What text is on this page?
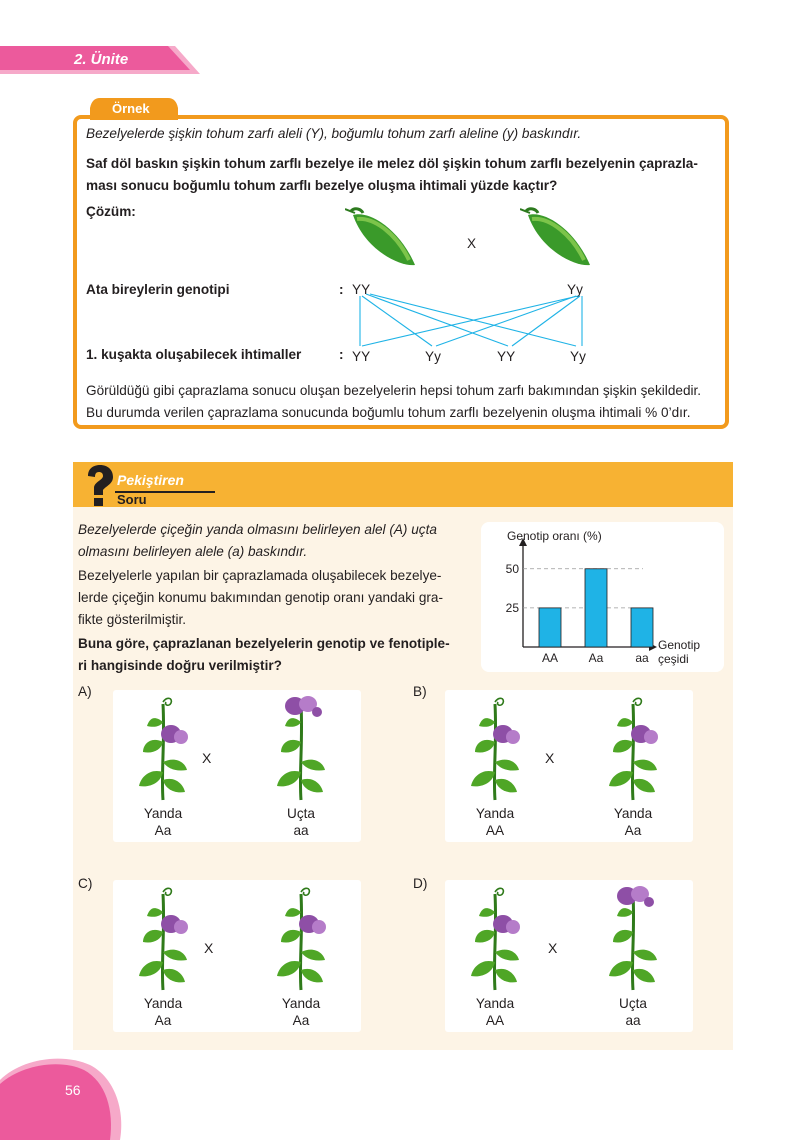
2. Ünite
Örnek
Bezelyelerde şişkin tohum zarfı aleli (Y), boğumlu tohum zarfı aleline (y) baskındır.
Saf döl baskın şişkin tohum zarflı bezelye ile melez döl şişkin tohum zarflı bezelyenin çaprazla-
ması sonucu boğumlu tohum zarflı bezelye oluşma ihtimali yüzde kaçtır?
Çözüm:
X
Ata bireylerin genotipi	: YY	Yy
1. kuşakta oluşabilecek ihtimaller	: YY	Yy	YY	Yy
Görüldüğü gibi çaprazlama sonucu oluşan bezelyelerin hepsi tohum zarfı bakımından şişkin şekildedir.
Bu durumda verilen çaprazlama sonucunda boğumlu tohum zarflı bezelyenin oluşma ihtimali % 0’dır.
Pekiştiren
Soru
Bezelyelerde çiçeğin yanda olmasını belirleyen alel (A) uçta
olmasını belirleyen alele (a) baskındır.
Bezelyelerle yapılan bir çaprazlamada oluşabilecek bezelye-
lerde çiçeğin konumu bakımından genotip oranı yandaki gra-
fikte gösterilmiştir.
Buna göre, çaprazlanan bezelyelerin genotip ve fenotiple-
ri hangisinde doğru verilmiştir?
Genotip oranı (%)
25
50
AA	Aa	aa
Genotip
çeşidi
A)
Yanda
Aa
Uçta
aa
X
B)
Yanda
AA
Yanda
Aa
X
C)
Yanda
Aa
Yanda
Aa
X
D)
Yanda
AA
Uçta
aa
X
56
